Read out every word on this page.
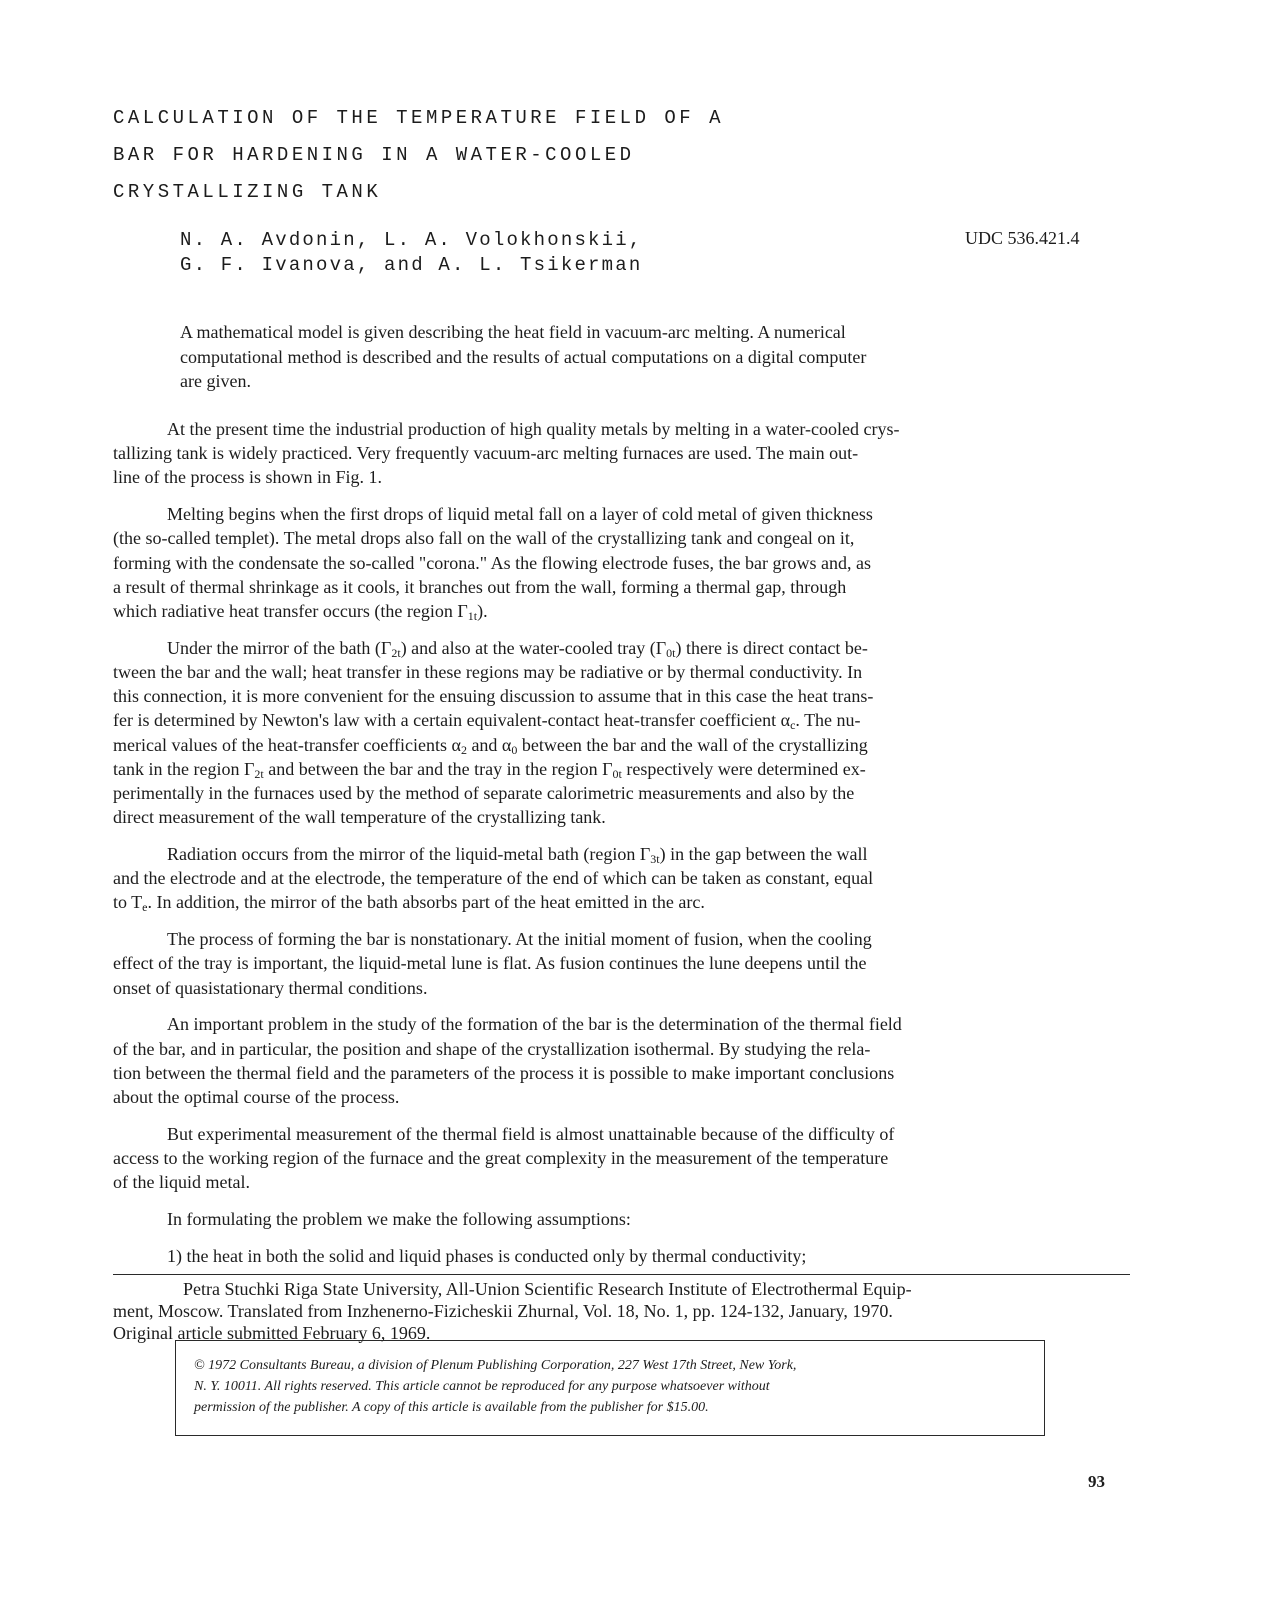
CALCULATION OF THE TEMPERATURE FIELD OF A
BAR FOR HARDENING IN A WATER-COOLED
CRYSTALLIZING TANK
N. A. Avdonin, L. A. Volokhonskii,
G. F. Ivanova, and A. L. Tsikerman
UDC 536.421.4
A mathematical model is given describing the heat field in vacuum-arc melting. A numerical
computational method is described and the results of actual computations on a digital computer
are given.
At the present time the industrial production of high quality metals by melting in a water-cooled crys-
tallizing tank is widely practiced. Very frequently vacuum-arc melting furnaces are used. The main out-
line of the process is shown in Fig. 1.
Melting begins when the first drops of liquid metal fall on a layer of cold metal of given thickness
(the so-called templet). The metal drops also fall on the wall of the crystallizing tank and congeal on it,
forming with the condensate the so-called "corona." As the flowing electrode fuses, the bar grows and, as
a result of thermal shrinkage as it cools, it branches out from the wall, forming a thermal gap, through
which radiative heat transfer occurs (the region $\Gamma_{1t}$).
Under the mirror of the bath $(\Gamma_{2t})$ and also at the water-cooled tray $(\Gamma_{0t})$ there is direct contact be-
tween the bar and the wall; heat transfer in these regions may be radiative or by thermal conductivity. In
this connection, it is more convenient for the ensuing discussion to assume that in this case the heat trans-
fer is determined by Newton's law with a certain equivalent-contact heat-transfer coefficient $\alpha_c$. The nu-
merical values of the heat-transfer coefficients $\alpha_2$ and $\alpha_0$ between the bar and the wall of the crystallizing
tank in the region $\Gamma_{2t}$ and between the bar and the tray in the region $\Gamma_{0t}$ respectively were determined ex-
perimentally in the furnaces used by the method of separate calorimetric measurements and also by the
direct measurement of the wall temperature of the crystallizing tank.
Radiation occurs from the mirror of the liquid-metal bath (region $\Gamma_{3t}$) in the gap between the wall
and the electrode and at the electrode, the temperature of the end of which can be taken as constant, equal
to $T_e$. In addition, the mirror of the bath absorbs part of the heat emitted in the arc.
The process of forming the bar is nonstationary. At the initial moment of fusion, when the cooling
effect of the tray is important, the liquid-metal lune is flat. As fusion continues the lune deepens until the
onset of quasistationary thermal conditions.
An important problem in the study of the formation of the bar is the determination of the thermal field
of the bar, and in particular, the position and shape of the crystallization isothermal. By studying the rela-
tion between the thermal field and the parameters of the process it is possible to make important conclusions
about the optimal course of the process.
But experimental measurement of the thermal field is almost unattainable because of the difficulty of
access to the working region of the furnace and the great complexity in the measurement of the temperature
of the liquid metal.
In formulating the problem we make the following assumptions:
1) the heat in both the solid and liquid phases is conducted only by thermal conductivity;
Petra Stuchki Riga State University, All-Union Scientific Research Institute of Electrothermal Equip-
ment, Moscow. Translated from Inzhenerno-Fizicheskii Zhurnal, Vol. 18, No. 1, pp. 124-132, January, 1970.
Original article submitted February 6, 1969.
© 1972 Consultants Bureau, a division of Plenum Publishing Corporation, 227 West 17th Street, New York,
N. Y. 10011. All rights reserved. This article cannot be reproduced for any purpose whatsoever without
permission of the publisher. A copy of this article is available from the publisher for $15.00.
93
